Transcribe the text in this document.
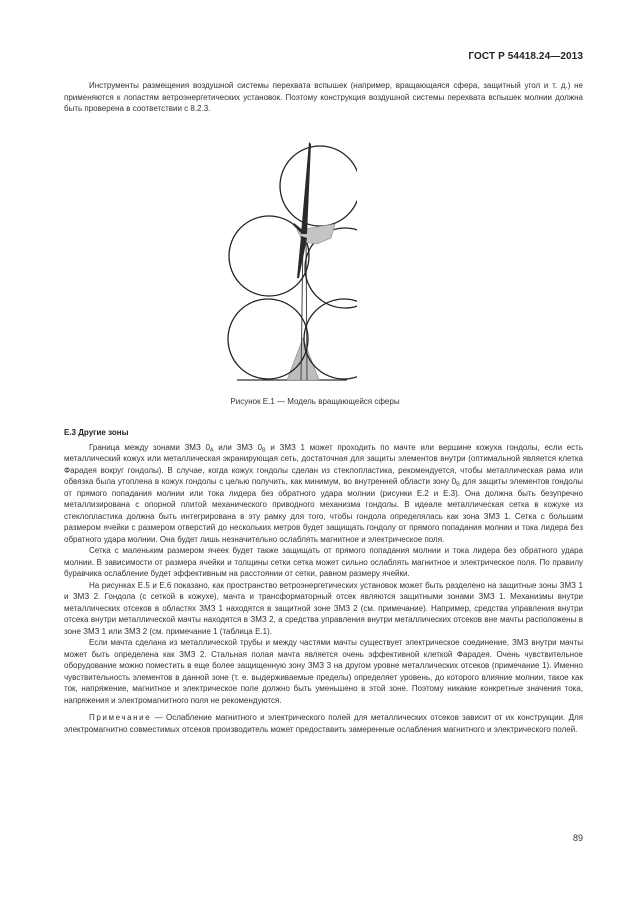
ГОСТ Р 54418.24—2013

Инструменты размещения воздушной системы перехвата вспышек (например, вращающаяся сфера, защитный угол и т. д.) не применяются к лопастям ветроэнергетических установок. Поэтому конструкция воздушной системы перехвата вспышек молнии должна быть проверена в соответствии с 8.2.3.

Рисунок Е.1 — Модель вращающейся сферы

Е.3 Другие зоны

Граница между зонами ЗМЗ $0_A$ или ЗМЗ $0_B$ и ЗМЗ 1 может проходить по мачте или вершине кожуха гондолы, если есть металлический кожух или металлическая экранирующая сеть, достаточная для защиты элементов внутри (оптимальной является клетка Фарадея вокруг гондолы). В случае, когда кожух гондолы сделан из стеклопластика, рекомендуется, чтобы металлическая рама или обвязка была утоплена в кожух гондолы с целью получить, как минимум, во внутренней области зону $0_B$ для защиты элементов гондолы от прямого попадания молнии или тока лидера без обратного удара молнии (рисунки Е.2 и Е.3). Она должна быть безупречно металлизирована с опорной плитой механического приводного механизма гондолы. В идеале металлическая сетка в кожухе из стеклопластика должна быть интегрирована в эту рамку для того, чтобы гондола определялась как зона ЗМЗ 1. Сетка с большим размером ячейки с размером отверстий до нескольких метров будет защищать гондолу от прямого попадания молнии и тока лидера без обратного удара молнии. Она будет лишь незначительно ослаблять магнитное и электрическое поля.

Сетка с маленьким размером ячеек будет также защищать от прямого попадания молнии и тока лидера без обратного удара молнии. В зависимости от размера ячейки и толщины сетки сетка может сильно ослаблять магнитное и электрическое поля. По правилу буравчика ослабление будет эффективным на расстоянии от сетки, равном размеру ячейки.

На рисунках Е.5 и Е.6 показано, как пространство ветроэнергетических установок может быть разделено на защитные зоны ЗМЗ 1 и ЗМЗ 2. Гондола (с сеткой в кожухе), мачта и трансформаторный отсек являются защитными зонами ЗМЗ 1. Механизмы внутри металлических отсеков в областях ЗМЗ 1 находятся в защитной зоне ЗМЗ 2 (см. примечание). Например, средства управления внутри отсека внутри металлической мачты находятся в ЗМЗ 2, а средства управления внутри металлических отсеков вне мачты расположены в зоне ЗМЗ 1 или ЗМЗ 2 (см. примечание 1 (таблица Е.1).

Если мачта сделана из металлической трубы и между частями мачты существует электрическое соединение, ЗМЗ внутри мачты может быть определена как ЗМЗ 2. Стальная полая мачта является очень эффективной клеткой Фарадея. Очень чувствительное оборудование можно поместить в еще более защищенную зону ЗМЗ 3 на другом уровне металлических отсеков (примечание 1). Именно чувствительность элементов в данной зоне (т. е. выдерживаемые пределы) определяет уровень, до которого влияние молнии, такое как ток, напряжение, магнитное и электрическое поле должно быть уменьшено в этой зоне. Поэтому никакие конкретные значения тока, напряжения и электромагнитного поля не рекомендуются.

Примечание — Ослабление магнитного и электрического полей для металлических отсеков зависит от их конструкции. Для электромагнитно совместимых отсеков производитель может предоставить замеренные ослабления магнитного и электрического полей.

89
